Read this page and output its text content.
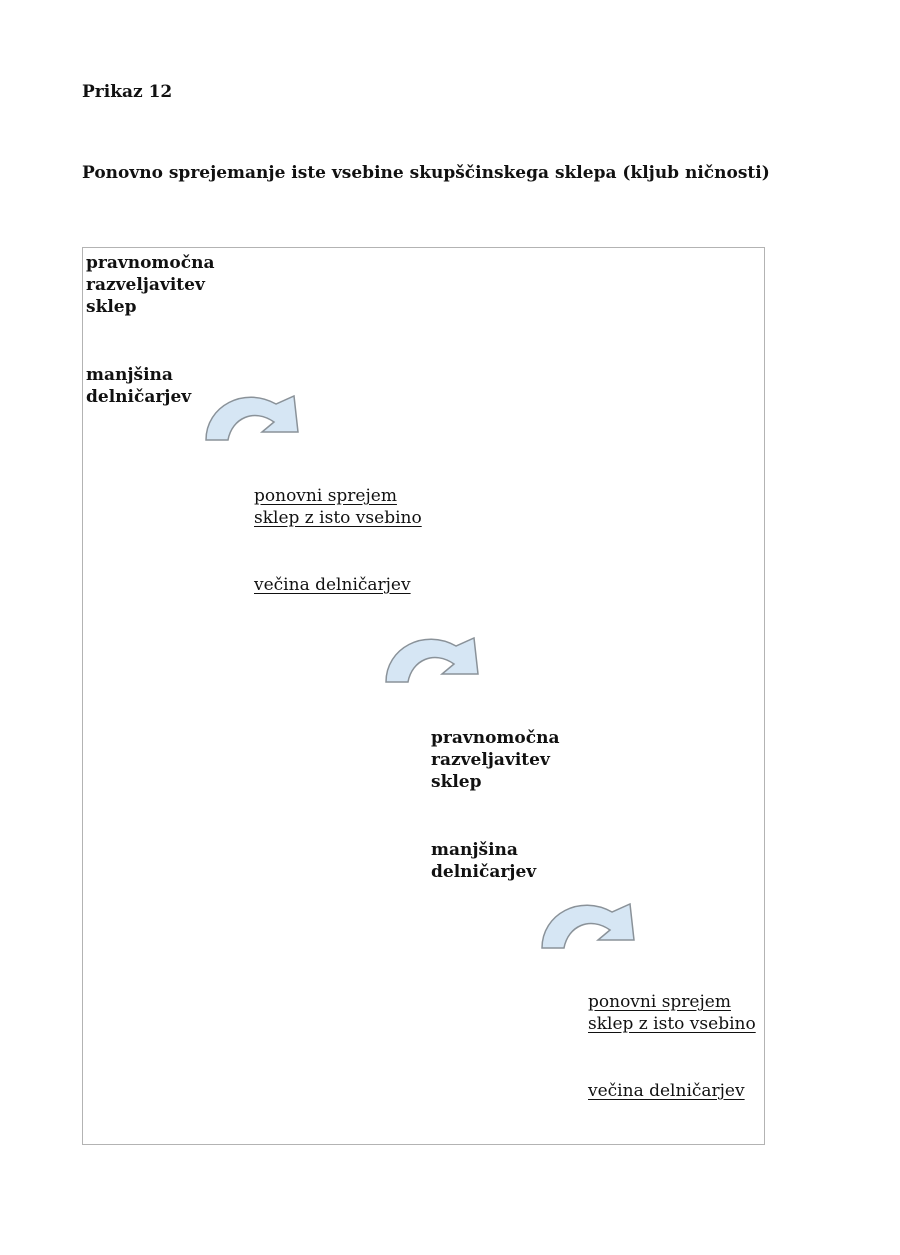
Prikaz 12
Ponovno sprejemanje iste vsebine skupščinskega sklepa (kljub ničnosti)
pravnomočna
razveljavitev
sklep
manjšina
delničarjev
ponovni sprejem
sklep z isto vsebino
večina delničarjev
pravnomočna
razveljavitev
sklep
manjšina
delničarjev
ponovni sprejem
sklep z isto vsebino
večina delničarjev
